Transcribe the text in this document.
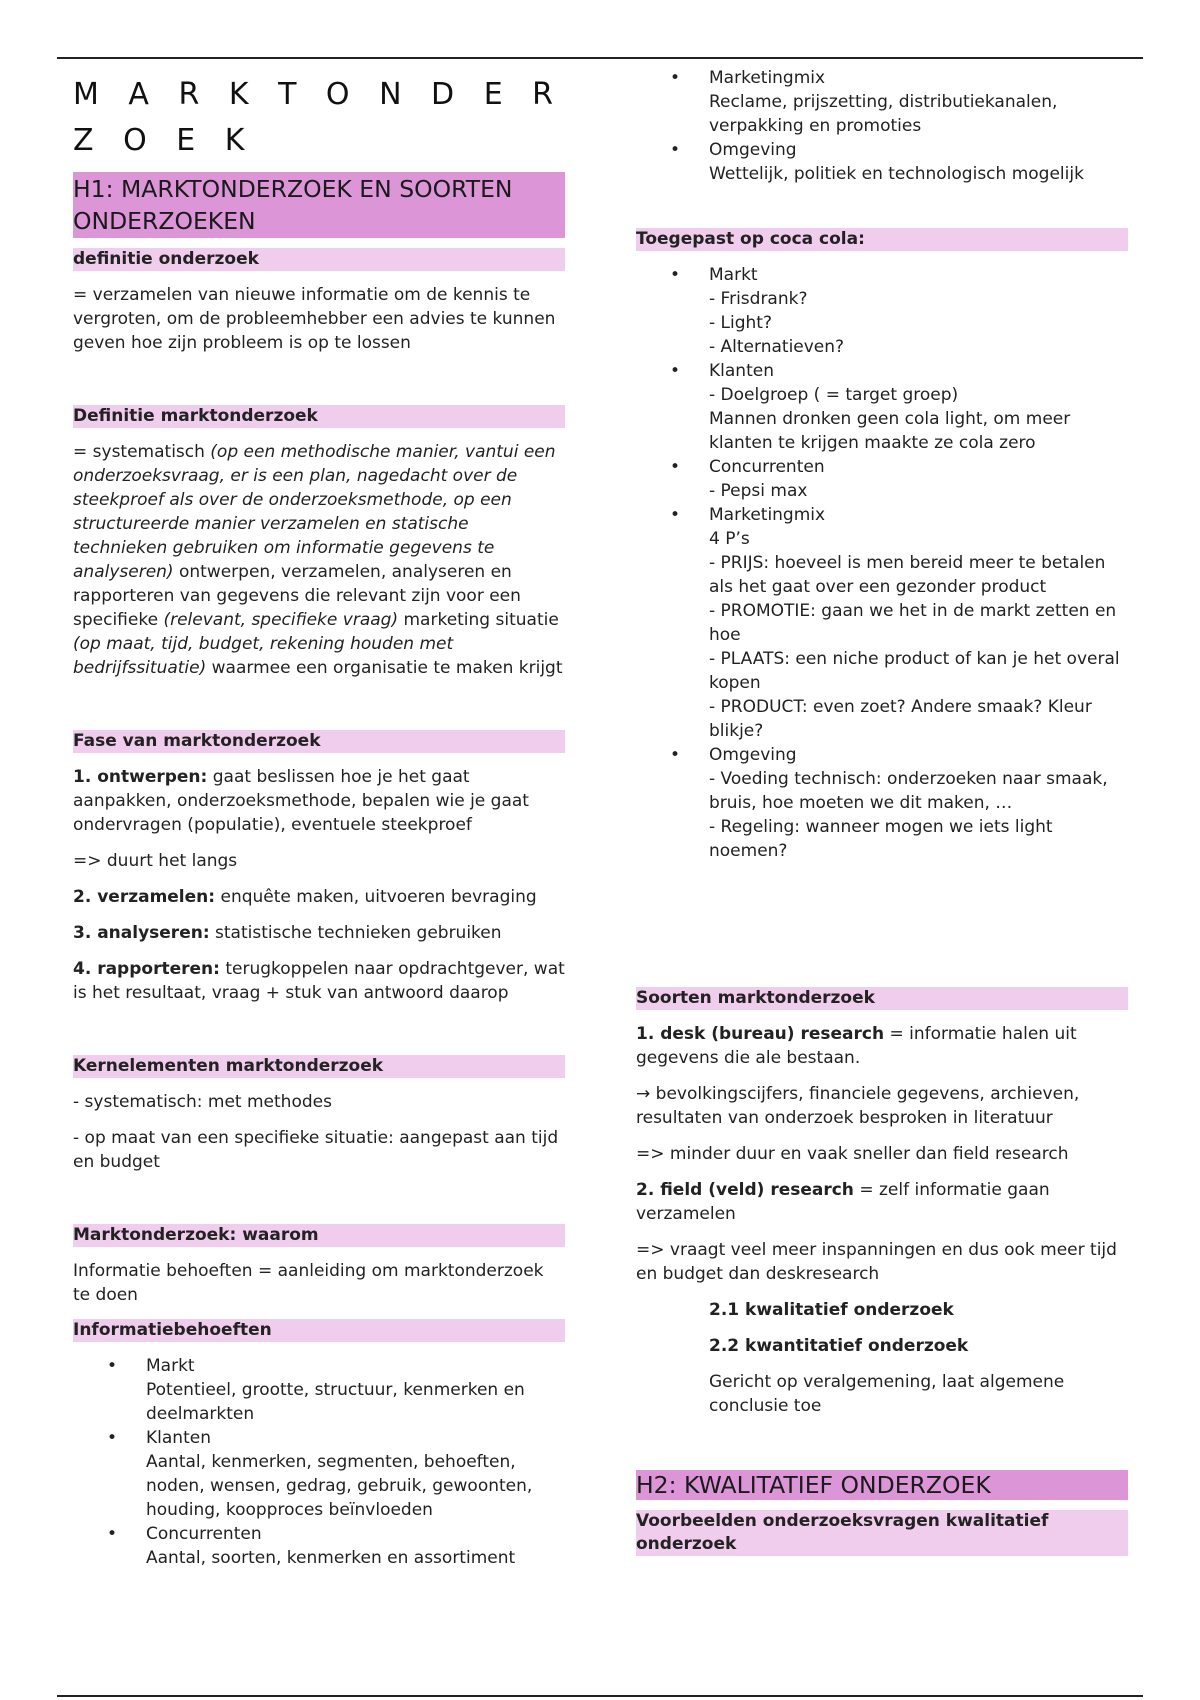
M A R K T O N D E R Z O E K
H1: MARKTONDERZOEK EN SOORTEN ONDERZOEKEN
definitie onderzoek

= verzamelen van nieuwe informatie om de kennis te vergroten, om de probleemhebber een advies te kunnen geven hoe zijn probleem is op te lossen

Definitie marktonderzoek

= systematisch (op een methodische manier, vantui een onderzoeksvraag, er is een plan, nagedacht over de steekproef als over de onderzoeksmethode, op een structureerde manier verzamelen en statische technieken gebruiken om informatie gegevens te analyseren) ontwerpen, verzamelen, analyseren en rapporteren van gegevens die relevant zijn voor een specifieke (relevant, specifieke vraag) marketing situatie (op maat, tijd, budget, rekening houden met bedrijfssituatie) waarmee een organisatie te maken krijgt

Fase van marktonderzoek

1. ontwerpen: gaat beslissen hoe je het gaat aanpakken, onderzoeksmethode, bepalen wie je gaat ondervragen (populatie), eventuele steekproef

=> duurt het langs

2. verzamelen: enquête maken, uitvoeren bevraging

3. analyseren: statistische technieken gebruiken

4. rapporteren: terugkoppelen naar opdrachtgever, wat is het resultaat, vraag + stuk van antwoord daarop

Kernelementen marktonderzoek

- systematisch: met methodes

- op maat van een specifieke situatie: aangepast aan tijd en budget

Marktonderzoek: waarom

Informatie behoeften = aanleiding om marktonderzoek te doen

Informatiebehoeften
• Markt
Potentieel, grootte, structuur, kenmerken en deelmarkten
• Klanten
Aantal, kenmerken, segmenten, behoeften, noden, wensen, gedrag, gebruik, gewoonten, houding, koopproces beïnvloeden
• Concurrenten
Aantal, soorten, kenmerken en assortiment
• Marketingmix
Reclame, prijszetting, distributiekanalen, verpakking en promoties
• Omgeving
Wettelijk, politiek en technologisch mogelijk
Toegepast op coca cola:
• Markt
- Frisdrank?
- Light?
- Alternatieven?
• Klanten
- Doelgroep ( = target groep)
Mannen dronken geen cola light, om meer klanten te krijgen maakte ze cola zero
• Concurrenten
- Pepsi max
• Marketingmix
4 P’s
- PRIJS: hoeveel is men bereid meer te betalen als het gaat over een gezonder product
- PROMOTIE: gaan we het in de markt zetten en hoe
- PLAATS: een niche product of kan je het overal kopen
- PRODUCT: even zoet? Andere smaak? Kleur blikje?
• Omgeving
- Voeding technisch: onderzoeken naar smaak, bruis, hoe moeten we dit maken, …
- Regeling: wanneer mogen we iets light noemen?
Soorten marktonderzoek

1. desk (bureau) research = informatie halen uit gegevens die ale bestaan.

→ bevolkingscijfers, financiele gegevens, archieven, resultaten van onderzoek besproken in literatuur

=> minder duur en vaak sneller dan field research

2. field (veld) research = zelf informatie gaan verzamelen

=> vraagt veel meer inspanningen en dus ook meer tijd en budget dan deskresearch

2.1 kwalitatief onderzoek

2.2 kwantitatief onderzoek

Gericht op veralgemening, laat algemene conclusie toe

H2: KWALITATIEF ONDERZOEK
Voorbeelden onderzoeksvragen kwalitatief onderzoek
